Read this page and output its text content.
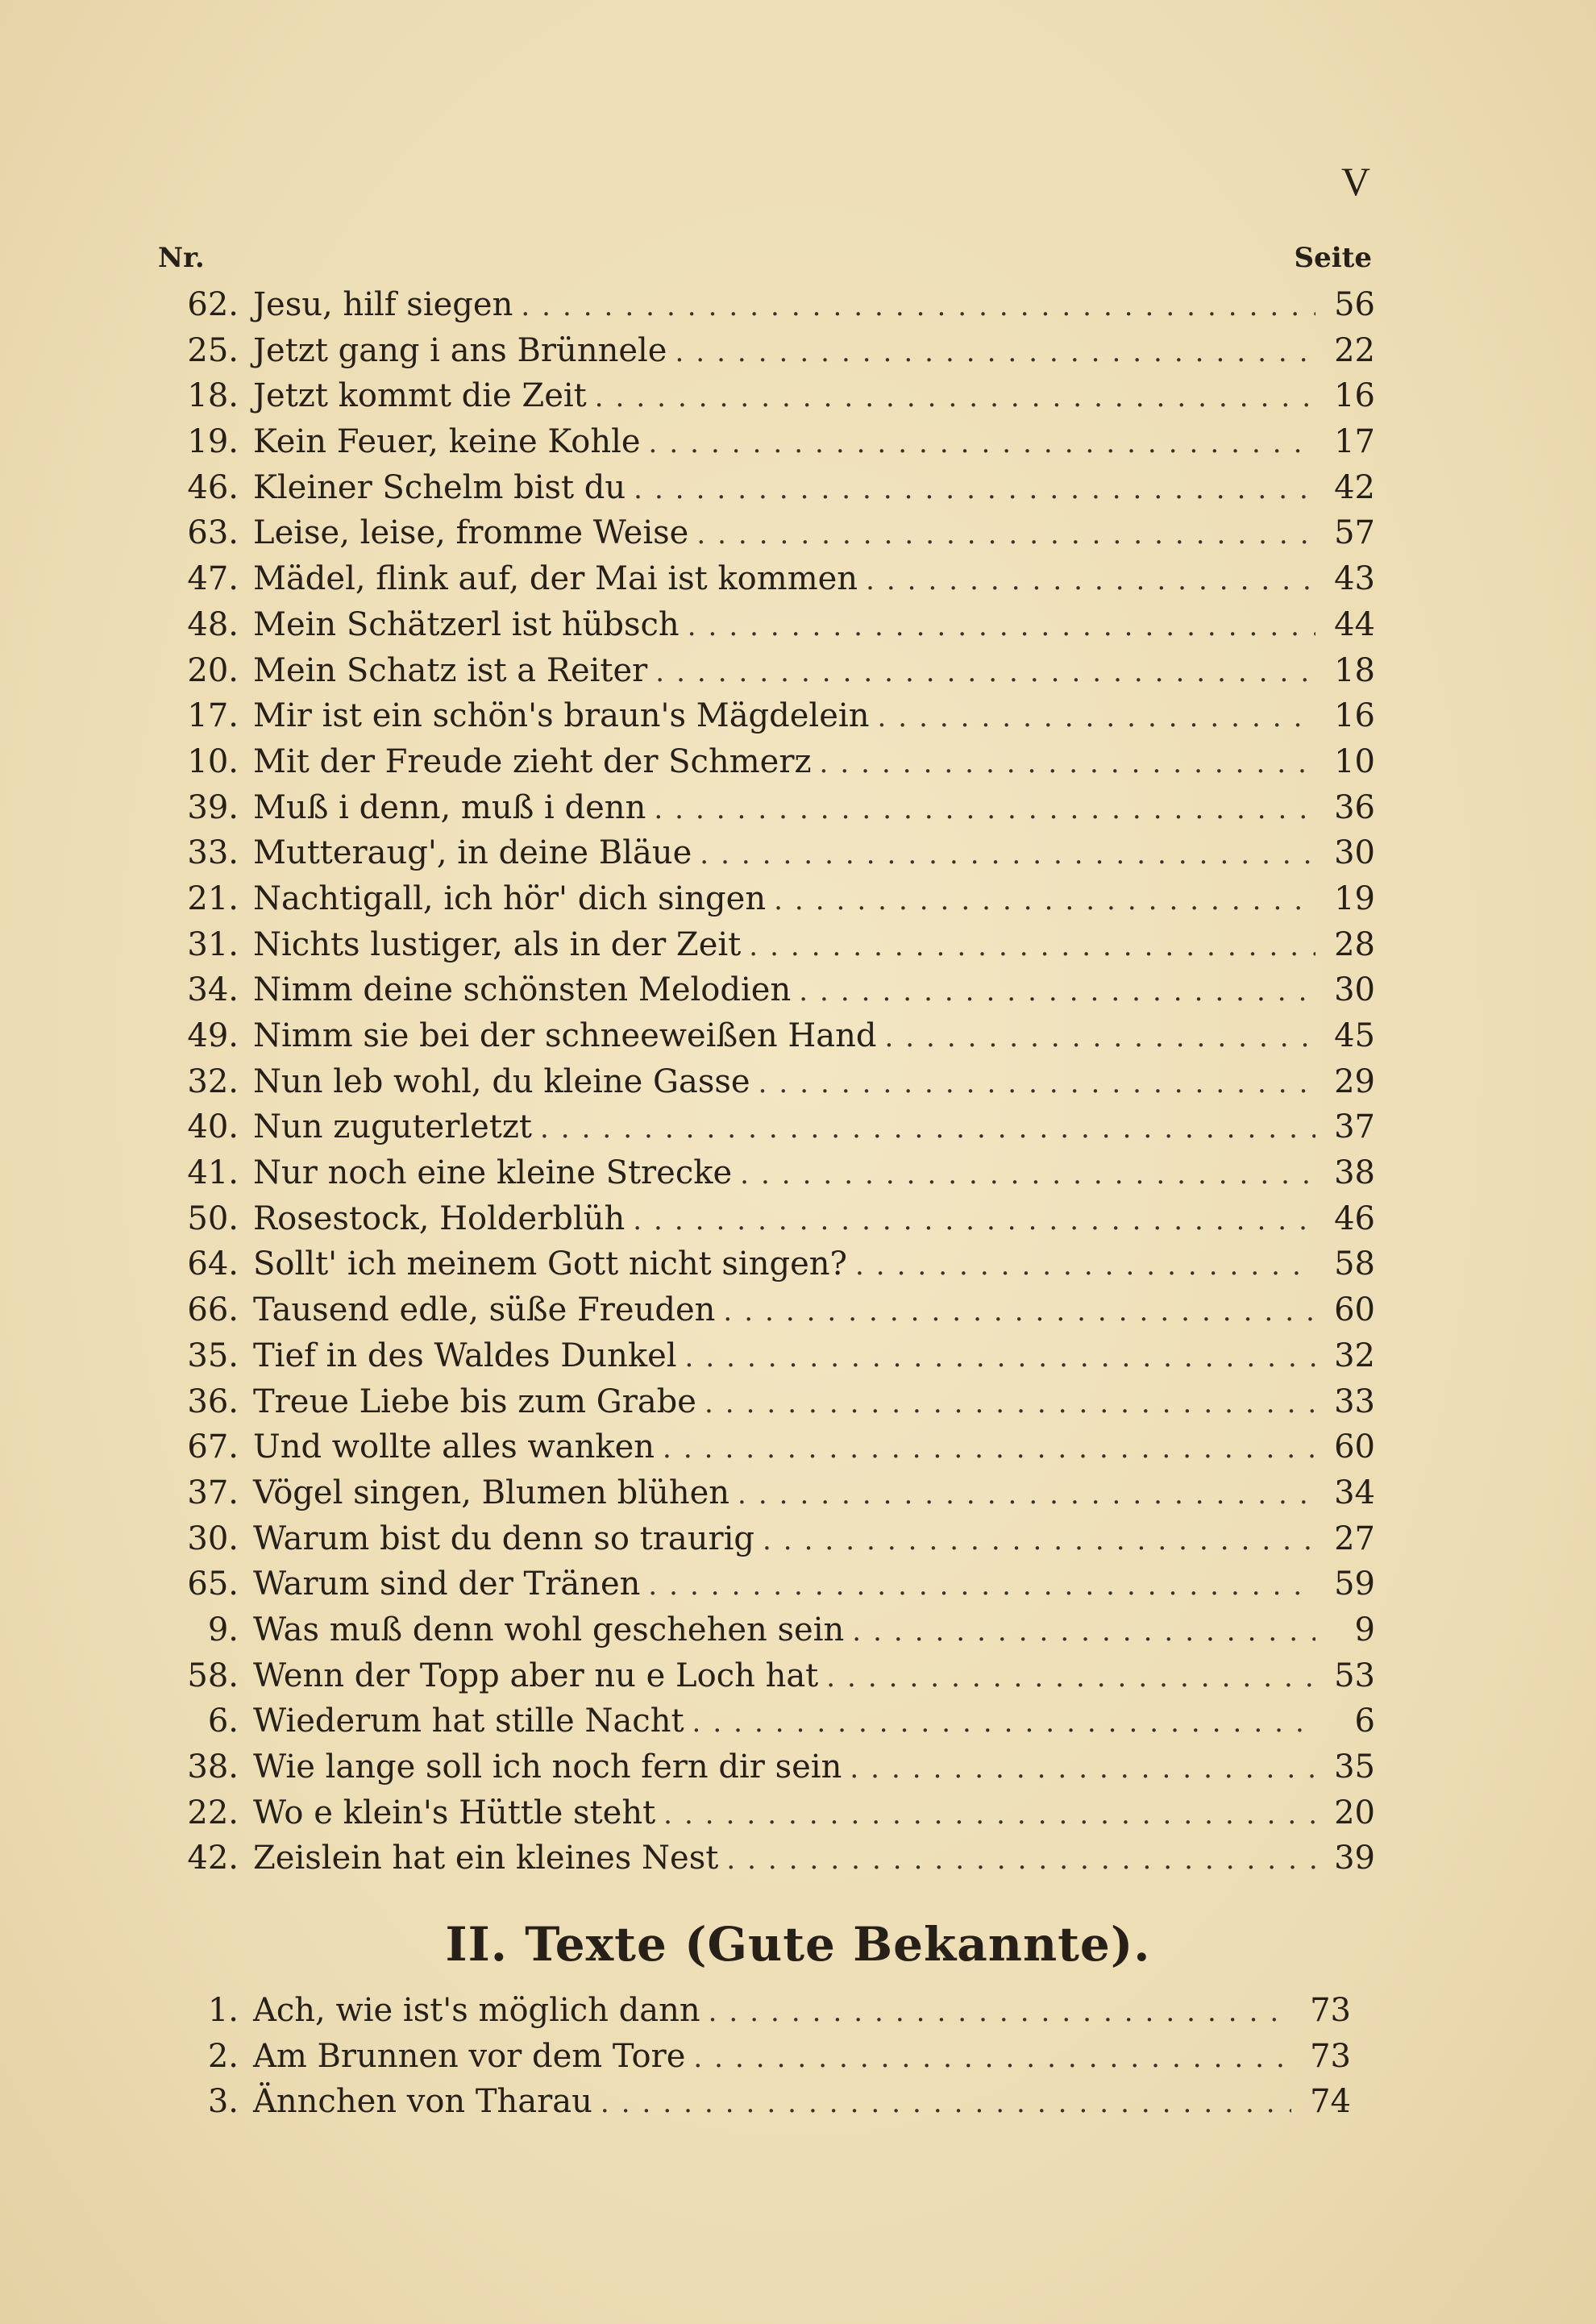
V
Nr.	Seite
62. Jesu, hilf siegen .....	56
25. Jetzt gang i ans Brünnele .....	22
18. Jetzt kommt die Zeit .....	16
19. Kein Feuer, keine Kohle .....	17
46. Kleiner Schelm bist du .....	42
63. Leise, leise, fromme Weise .....	57
47. Mädel, flink auf, der Mai ist kommen .....	43
48. Mein Schätzerl ist hübsch .....	44
20. Mein Schatz ist a Reiter .....	18
17. Mir ist ein schön's braun's Mägdelein .....	16
10. Mit der Freude zieht der Schmerz .....	10
39. Muß i denn, muß i denn .....	36
33. Mutteraug', in deine Bläue .....	30
21. Nachtigall, ich hör' dich singen .....	19
31. Nichts lustiger, als in der Zeit .....	28
34. Nimm deine schönsten Melodien .....	30
49. Nimm sie bei der schneeweißen Hand .....	45
32. Nun leb wohl, du kleine Gasse .....	29
40. Nun zuguterletzt .....	37
41. Nur noch eine kleine Strecke .....	38
50. Rosestock, Holderblüh .....	46
64. Sollt' ich meinem Gott nicht singen? .....	58
66. Tausend edle, süße Freuden .....	60
35. Tief in des Waldes Dunkel .....	32
36. Treue Liebe bis zum Grabe .....	33
67. Und wollte alles wanken .....	60
37. Vögel singen, Blumen blühen .....	34
30. Warum bist du denn so traurig .....	27
65. Warum sind der Tränen .....	59
9. Was muß denn wohl geschehen sein .....	9
58. Wenn der Topp aber nu e Loch hat .....	53
6. Wiederum hat stille Nacht .....	6
38. Wie lange soll ich noch fern dir sein .....	35
22. Wo e klein's Hüttle steht .....	20
42. Zeislein hat ein kleines Nest .....	39
II. Texte (Gute Bekannte).
1. Ach, wie ist's möglich dann .....	73
2. Am Brunnen vor dem Tore .....	73
3. Ännchen von Tharau .....	74
